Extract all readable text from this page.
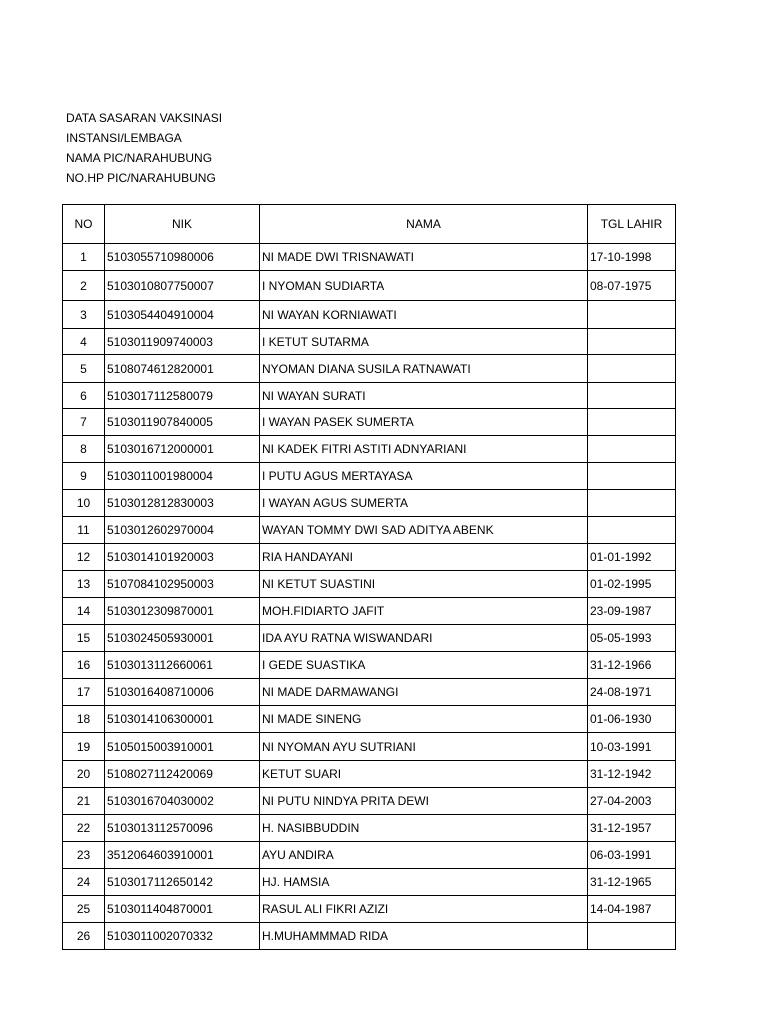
DATA SASARAN VAKSINASI
INSTANSI/LEMBAGA
NAMA PIC/NARAHUBUNG
NO.HP PIC/NARAHUBUNG
NO	NIK	NAMA	TGL LAHIR
1	5103055710980006	NI MADE DWI TRISNAWATI	17-10-1998
2	5103010807750007	I NYOMAN SUDIARTA	08-07-1975
3	5103054404910004	NI WAYAN KORNIAWATI	
4	5103011909740003	I KETUT SUTARMA	
5	5108074612820001	NYOMAN DIANA SUSILA RATNAWATI	
6	5103017112580079	NI WAYAN SURATI	
7	5103011907840005	I WAYAN PASEK SUMERTA	
8	5103016712000001	NI KADEK FITRI ASTITI ADNYARIANI	
9	5103011001980004	I PUTU AGUS MERTAYASA	
10	5103012812830003	I WAYAN AGUS SUMERTA	
11	5103012602970004	WAYAN TOMMY DWI SAD ADITYA ABENK	
12	5103014101920003	RIA HANDAYANI	01-01-1992
13	5107084102950003	NI KETUT SUASTINI	01-02-1995
14	5103012309870001	MOH.FIDIARTO JAFIT	23-09-1987
15	5103024505930001	IDA AYU RATNA WISWANDARI	05-05-1993
16	5103013112660061	I GEDE SUASTIKA	31-12-1966
17	5103016408710006	NI MADE DARMAWANGI	24-08-1971
18	5103014106300001	NI MADE SINENG	01-06-1930
19	5105015003910001	NI NYOMAN AYU SUTRIANI	10-03-1991
20	5108027112420069	KETUT SUARI	31-12-1942
21	5103016704030002	NI PUTU NINDYA PRITA DEWI	27-04-2003
22	5103013112570096	H. NASIBBUDDIN	31-12-1957
23	3512064603910001	AYU ANDIRA	06-03-1991
24	5103017112650142	HJ. HAMSIA	31-12-1965
25	5103011404870001	RASUL ALI FIKRI AZIZI	14-04-1987
26	5103011002070332	H.MUHAMMMAD RIDA	
